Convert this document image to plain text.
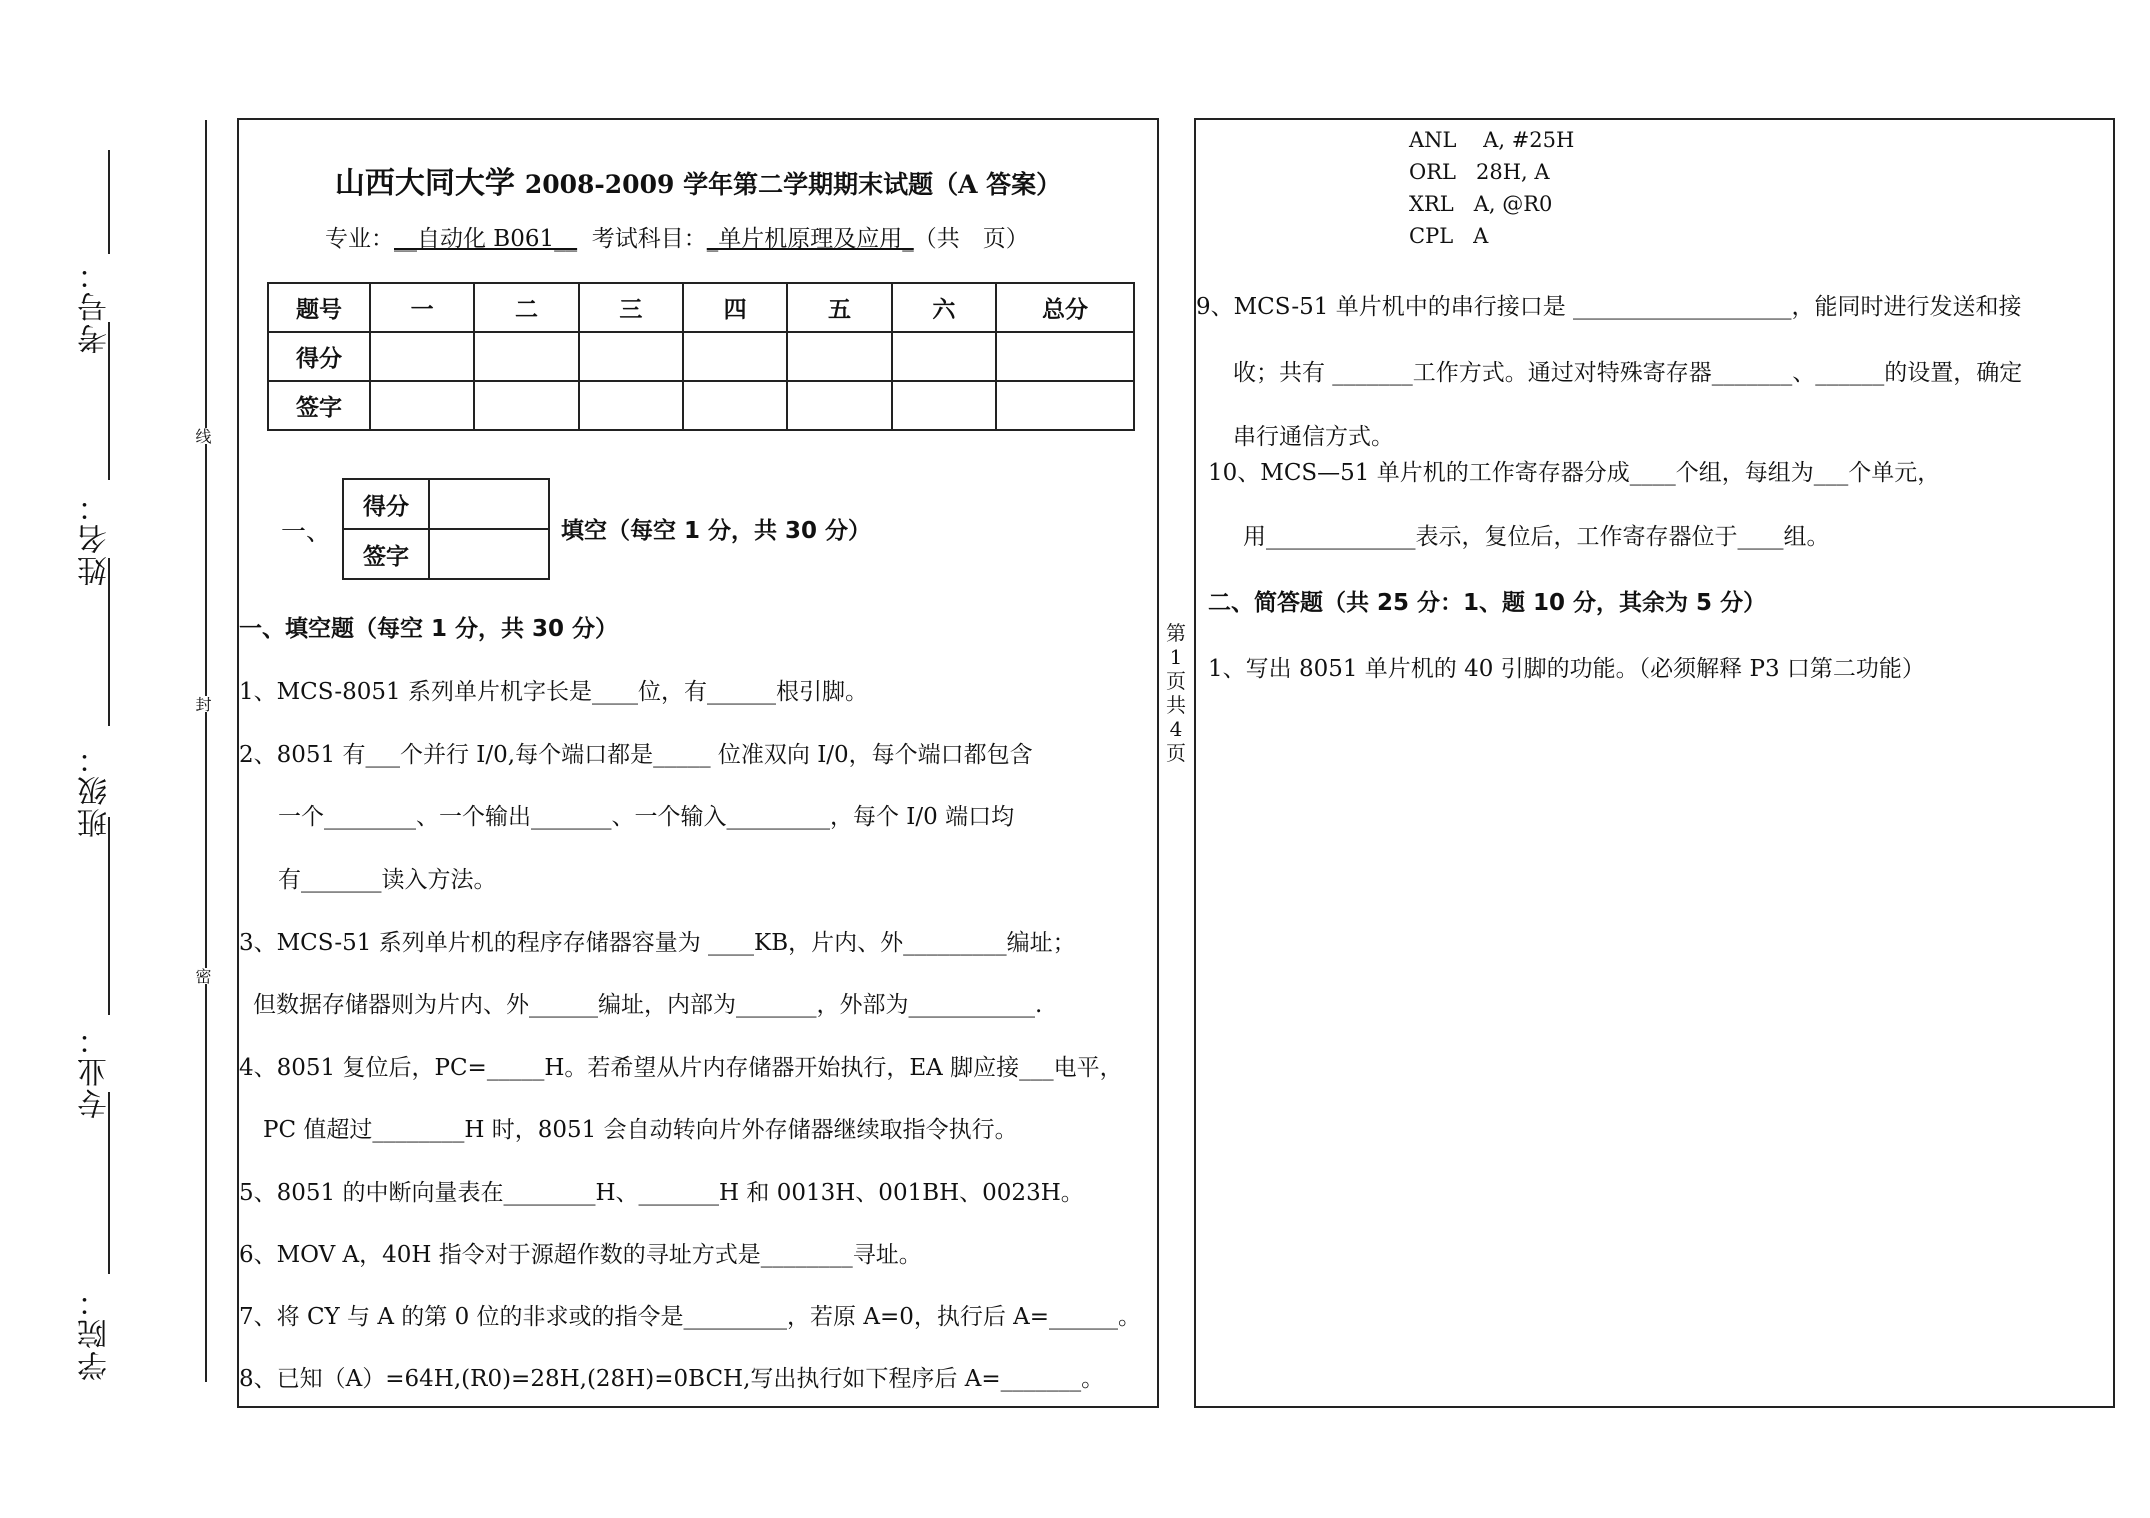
考号：
姓名：
班级：
专业：
学院：
线
封
密
山西大同大学 2008-2009 学年第二学期期末试题（A 答案）
专业：__自动化 B061__ 考试科目：_单片机原理及应用_（共　页）
题号	一	二	三	四	五	六	总分
得分							
签字							
一、
得分	
签字	
填空（每空 1 分，共 30 分）
一、填空题（每空 1 分，共 30 分）
1、MCS-8051 系列单片机字长是____位，有______根引脚。
2、8051 有___个并行 I/0,每个端口都是_____ 位准双向 I/0，每个端口都包含
一个________、一个输出_______、一个输入_________，每个 I/0 端口均
有_______读入方法。
3、MCS-51 系列单片机的程序存储器容量为 ____KB，片内、外_________编址；
但数据存储器则为片内、外______编址，内部为_______，外部为___________.
4、8051 复位后，PC=_____H。若希望从片内存储器开始执行，EA 脚应接___电平，
PC 值超过________H 时，8051 会自动转向片外存储器继续取指令执行。
5、8051 的中断向量表在________H、_______H 和 0013H、001BH、0023H。
6、MOV A，40H 指令对于源超作数的寻址方式是________寻址。
7、将 CY 与 A 的第 0 位的非求或的指令是_________，若原 A=0，执行后 A=______。
8、已知（A）=64H,(R0)=28H,(28H)=0BCH,写出执行如下程序后 A=_______。
第
1
页
共
4
页
ANL    A, #25H
ORL   28H, A
XRL   A, @R0
CPL   A
9、MCS-51 单片机中的串行接口是 ___________________，能同时进行发送和接
收；共有 _______工作方式。通过对特殊寄存器_______、______的设置，确定
串行通信方式。
10、MCS—51 单片机的工作寄存器分成____个组，每组为___个单元，
用_____________表示，复位后，工作寄存器位于____组。
二、简答题（共 25 分：1、题 10 分，其余为 5 分）
1、写出 8051 单片机的 40 引脚的功能。（必须解释 P3 口第二功能）
